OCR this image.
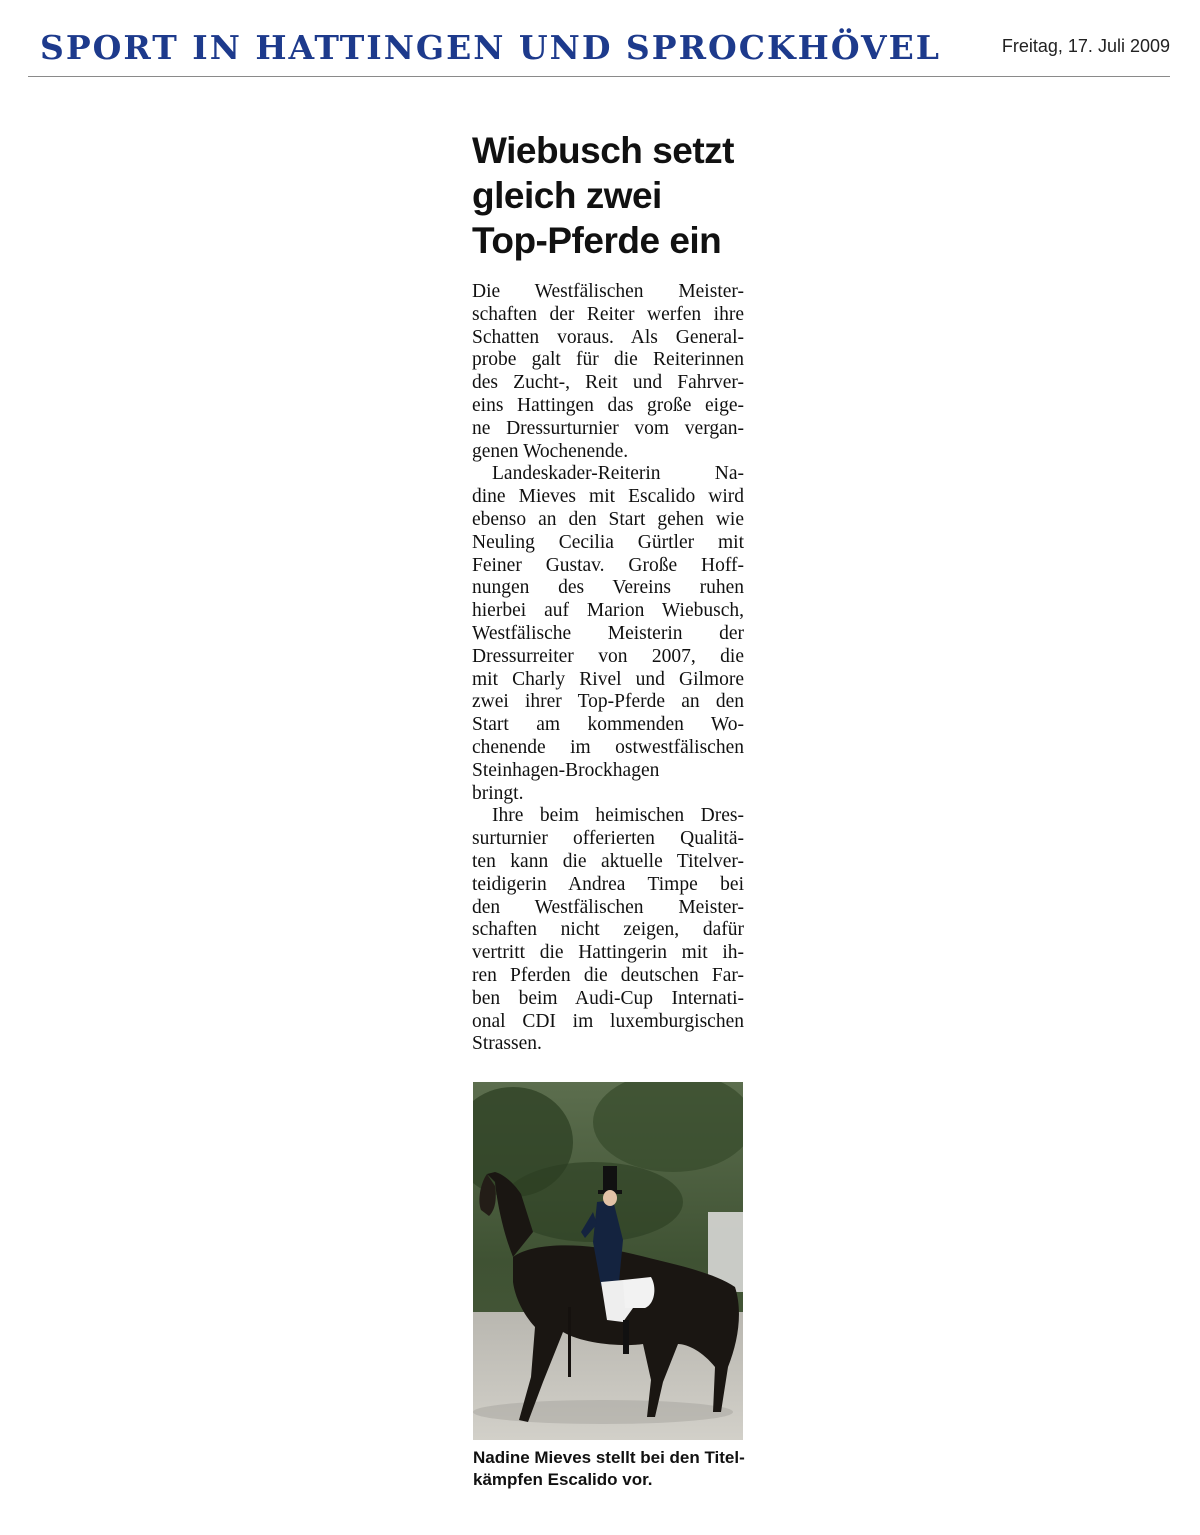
SPORT IN HATTINGEN UND SPROCKHÖVEL	Freitag, 17. Juli 2009
Wiebusch setzt
gleich zwei
Top-Pferde ein
Die Westfälischen Meister-
schaften der Reiter werfen ihre
Schatten voraus. Als General-
probe galt für die Reiterinnen
des Zucht-, Reit und Fahrver-
eins Hattingen das große eige-
ne Dressurturnier vom vergan-
genen Wochenende.
Landeskader-Reiterin Na-
dine Mieves mit Escalido wird
ebenso an den Start gehen wie
Neuling Cecilia Gürtler mit
Feiner Gustav. Große Hoff-
nungen des Vereins ruhen
hierbei auf Marion Wiebusch,
Westfälische Meisterin der
Dressurreiter von 2007, die
mit Charly Rivel und Gilmore
zwei ihrer Top-Pferde an den
Start am kommenden Wo-
chenende im ostwestfälischen
Steinhagen-Brockhagen
bringt.
Ihre beim heimischen Dres-
surturnier offerierten Qualitä-
ten kann die aktuelle Titelver-
teidigerin Andrea Timpe bei
den Westfälischen Meister-
schaften nicht zeigen, dafür
vertritt die Hattingerin mit ih-
ren Pferden die deutschen Far-
ben beim Audi-Cup Internati-
onal CDI im luxemburgischen
Strassen.
Nadine Mieves stellt bei den Titel-
kämpfen Escalido vor.
